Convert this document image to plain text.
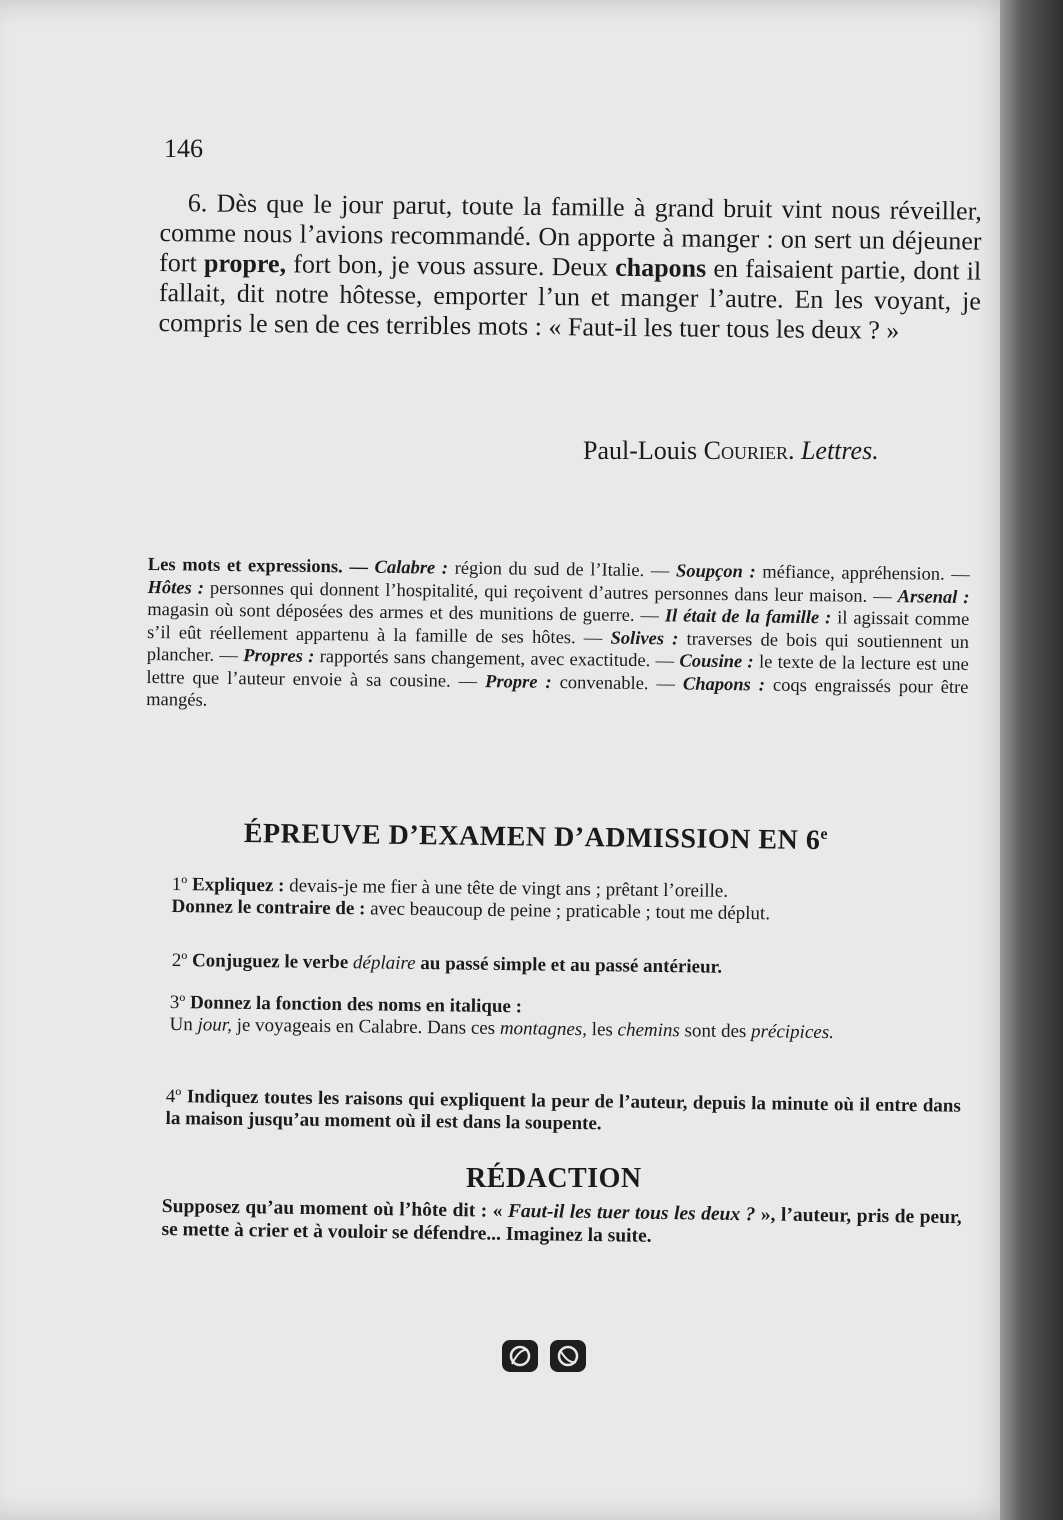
146
6. Dès que le jour parut, toute la famille à grand bruit vint nous réveiller, comme nous l’avions recommandé. On apporte à manger : on sert un déjeuner fort propre, fort bon, je vous assure. Deux chapons en faisaient partie, dont il fallait, dit notre hôtesse, emporter l’un et manger l’autre. En les voyant, je compris le sen de ces terribles mots : « Faut-il les tuer tous les deux ? »
Paul-Louis Courier. Lettres.
Les mots et expressions. — Calabre : région du sud de l’Italie. — Soupçon : méfiance, appréhension. — Hôtes : personnes qui donnent l’hospitalité, qui reçoivent d’autres personnes dans leur maison. — Arsenal : magasin où sont déposées des armes et des munitions de guerre. — Il était de la famille : il agissait comme s’il eût réellement appartenu à la famille de ses hôtes. — Solives : traverses de bois qui soutiennent un plancher. — Propres : rapportés sans changement, avec exactitude. — Cousine : le texte de la lecture est une lettre que l’auteur envoie à sa cousine. — Propre : convenable. — Chapons : coqs engraissés pour être mangés.
ÉPREUVE D’EXAMEN D’ADMISSION EN 6e
1º Expliquez : devais-je me fier à une tête de vingt ans ; prêtant l’oreille.
Donnez le contraire de : avec beaucoup de peine ; praticable ; tout me déplut.
2º Conjuguez le verbe déplaire au passé simple et au passé antérieur.
3º Donnez la fonction des noms en italique :
Un jour, je voyageais en Calabre. Dans ces montagnes, les chemins sont des précipices.
4º Indiquez toutes les raisons qui expliquent la peur de l’auteur, depuis la minute où il entre dans la maison jusqu’au moment où il est dans la soupente.
RÉDACTION
Supposez qu’au moment où l’hôte dit : « Faut-il les tuer tous les deux ? », l’auteur, pris de peur, se mette à crier et à vouloir se défendre... Imaginez la suite.
